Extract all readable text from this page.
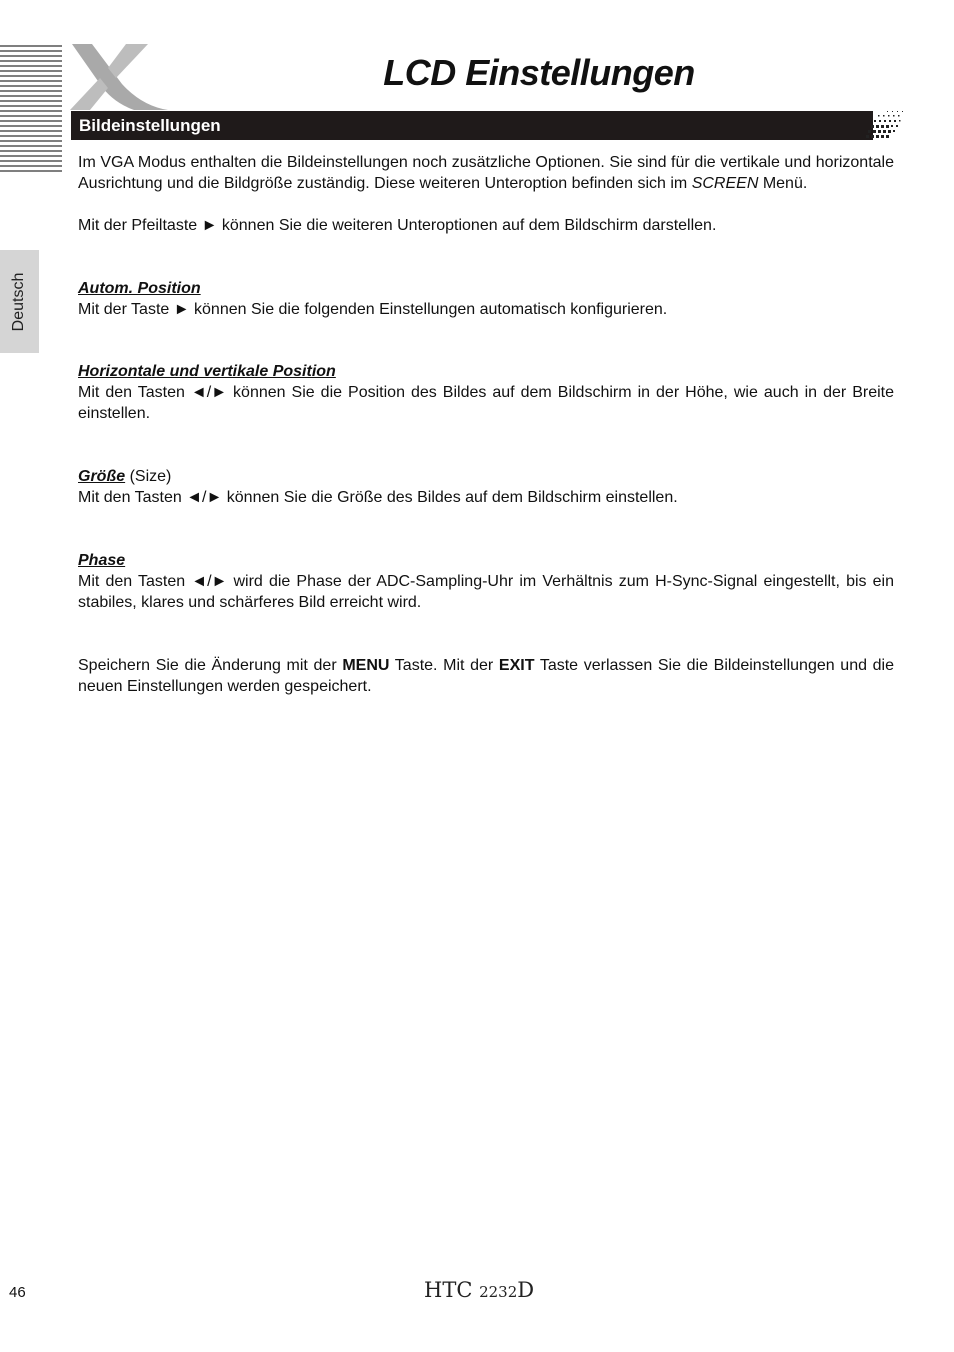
LCD Einstellungen
Bildeinstellungen
Deutsch

Im VGA Modus enthalten die Bildeinstellungen noch zusätzliche Optionen. Sie sind für die vertikale und horizontale Ausrichtung und die Bildgröße zuständig. Diese weiteren Unteroption befinden sich im SCREEN Menü.

Mit der Pfeiltaste ► können Sie die weiteren Unteroptionen auf dem Bildschirm darstellen.

Autom. Position

Mit der Taste ► können Sie die folgenden Einstellungen automatisch konfigurieren.

Horizontale und vertikale Position

Mit den Tasten ◄/► können Sie die Position des Bildes auf dem Bildschirm in der Höhe, wie auch in der Breite einstellen.

Größe (Size)

Mit den Tasten ◄/► können Sie die Größe des Bildes auf dem Bildschirm einstellen.

Phase

Mit den Tasten ◄/► wird die Phase der ADC-Sampling-Uhr im Verhältnis zum H-Sync-Signal eingestellt, bis ein stabiles, klares und schärferes Bild erreicht wird.

Speichern Sie die Änderung mit der MENU Taste. Mit der EXIT Taste verlassen Sie die Bildeinstellungen und die neuen Einstellungen werden gespeichert.

46	HTC 2232D
